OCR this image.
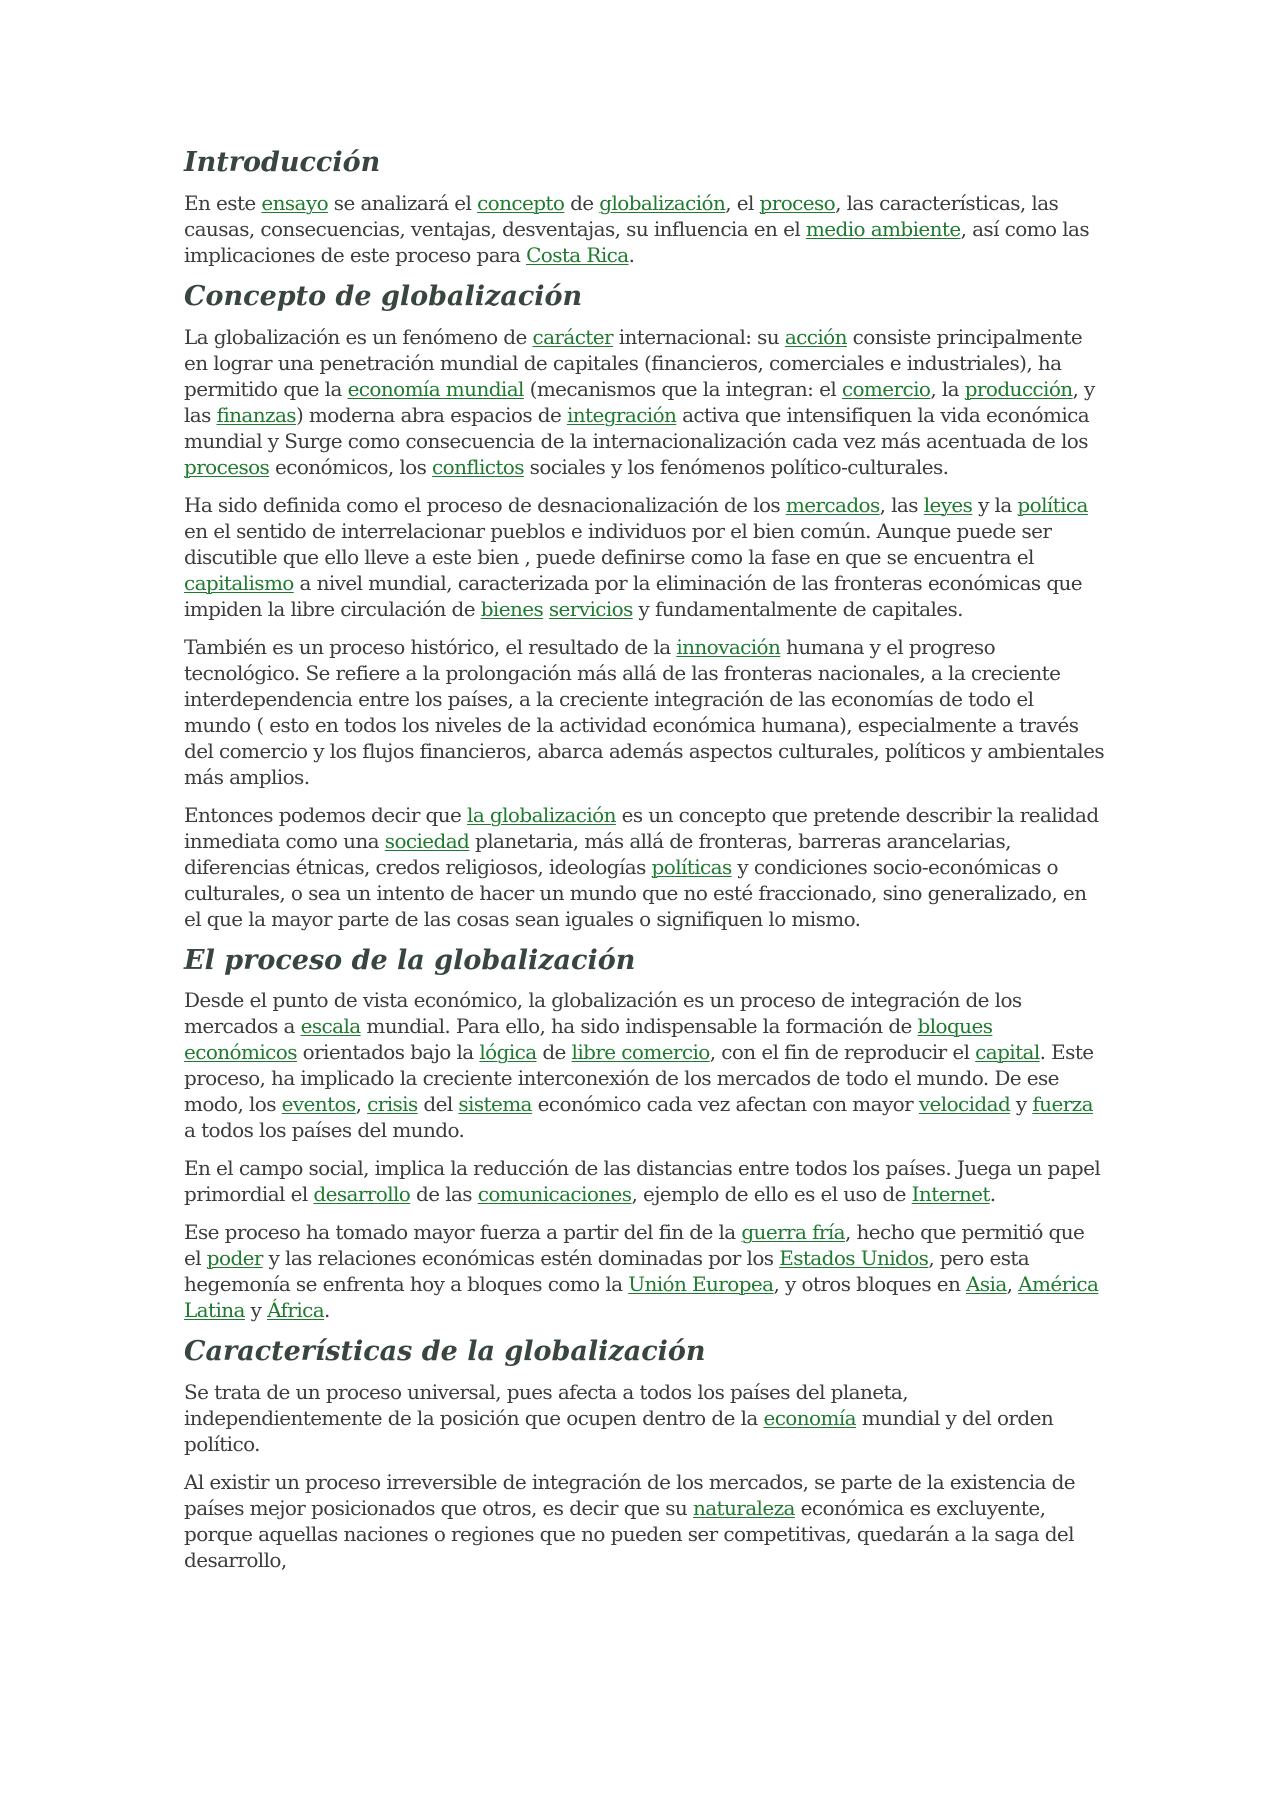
Introducción

En este ensayo se analizará el concepto de globalización, el proceso, las características, las causas, consecuencias, ventajas, desventajas, su influencia en el medio ambiente, así como las implicaciones de este proceso para Costa Rica.

Concepto de globalización

La globalización es un fenómeno de carácter internacional: su acción consiste principalmente en lograr una penetración mundial de capitales (financieros, comerciales e industriales), ha permitido que la economía mundial (mecanismos que la integran: el comercio, la producción, y las finanzas) moderna abra espacios de integración activa que intensifiquen la vida económica mundial y Surge como consecuencia de la internacionalización cada vez más acentuada de los procesos económicos, los conflictos sociales y los fenómenos político-culturales.

Ha sido definida como el proceso de desnacionalización de los mercados, las leyes y la política en el sentido de interrelacionar pueblos e individuos por el bien común. Aunque puede ser discutible que ello lleve a este bien , puede definirse como la fase en que se encuentra el capitalismo a nivel mundial, caracterizada por la eliminación de las fronteras económicas que impiden la libre circulación de bienes servicios y fundamentalmente de capitales.

También es un proceso histórico, el resultado de la innovación humana y el progreso tecnológico. Se refiere a la prolongación más allá de las fronteras nacionales, a la creciente interdependencia entre los países, a la creciente integración de las economías de todo el mundo ( esto en todos los niveles de la actividad económica humana), especialmente a través del comercio y los flujos financieros, abarca además aspectos culturales, políticos y ambientales más amplios.

Entonces podemos decir que la globalización es un concepto que pretende describir la realidad inmediata como una sociedad planetaria, más allá de fronteras, barreras arancelarias, diferencias étnicas, credos religiosos, ideologías políticas y condiciones socio-económicas o culturales, o sea un intento de hacer un mundo que no esté fraccionado, sino generalizado, en el que la mayor parte de las cosas sean iguales o signifiquen lo mismo.

El proceso de la globalización

Desde el punto de vista económico, la globalización es un proceso de integración de los mercados a escala mundial. Para ello, ha sido indispensable la formación de bloques económicos orientados bajo la lógica de libre comercio, con el fin de reproducir el capital. Este proceso, ha implicado la creciente interconexión de los mercados de todo el mundo. De ese modo, los eventos, crisis del sistema económico cada vez afectan con mayor velocidad y fuerza a todos los países del mundo.

En el campo social, implica la reducción de las distancias entre todos los países. Juega un papel primordial el desarrollo de las comunicaciones, ejemplo de ello es el uso de Internet.

Ese proceso ha tomado mayor fuerza a partir del fin de la guerra fría, hecho que permitió que el poder y las relaciones económicas estén dominadas por los Estados Unidos, pero esta hegemonía se enfrenta hoy a bloques como la Unión Europea, y otros bloques en Asia, América Latina y África.

Características de la globalización

Se trata de un proceso universal, pues afecta a todos los países del planeta, independientemente de la posición que ocupen dentro de la economía mundial y del orden político.

Al existir un proceso irreversible de integración de los mercados, se parte de la existencia de países mejor posicionados que otros, es decir que su naturaleza económica es excluyente, porque aquellas naciones o regiones que no pueden ser competitivas, quedarán a la saga del desarrollo,
